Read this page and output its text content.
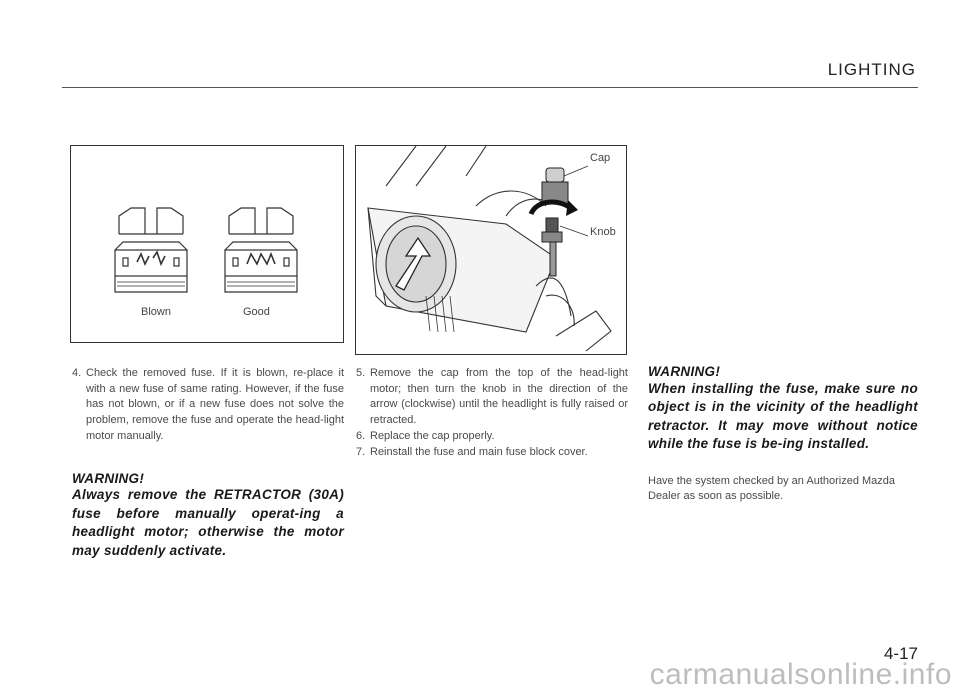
LIGHTING
Blown	Good
Cap
Knob
4. Check the removed fuse. If it is blown, re-place it with a new fuse of same rating. However, if the fuse has not blown, or if a new fuse does not solve the problem, remove the fuse and operate the head-light motor manually.
WARNING!
Always remove the RETRACTOR (30A) fuse before manually operat-ing a headlight motor; otherwise the motor may suddenly activate.
5. Remove the cap from the top of the head-light motor; then turn the knob in the direction of the arrow (clockwise) until the headlight is fully raised or retracted.
6. Replace the cap properly.
7. Reinstall the fuse and main fuse block cover.
WARNING!
When installing the fuse, make sure no object is in the vicinity of the headlight retractor. It may move without notice while the fuse is be-ing installed.

Have the system checked by an Authorized Mazda Dealer as soon as possible.

4-17
carmanualsonline.info
